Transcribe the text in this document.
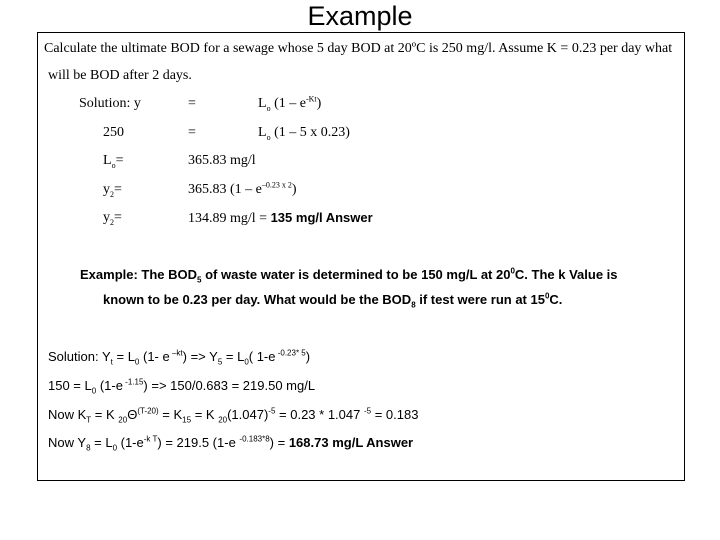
Example
Calculate the ultimate BOD for a sewage whose 5 day BOD at 20ºC is 250 mg/l. Assume K = 0.23 per day what
will be BOD after 2 days.
Solution: y	=	$L_o$ $(1 - e^{-Kt})$
250	=	$L_o$ (1 – 5 x 0.23)
$L_o=$	365.83 mg/l
$y_2=$	365.83 $(1 - e^{-0.23 x 2})$
$y_2=$	134.89 mg/l = 135 mg/l Answer
Example: The $BOD_5$ of waste water is determined to be 150 mg/L at $20^0C$. The k Value is
known to be 0.23 per day. What would be the $BOD_8$ if test were run at $15^0C$.
Solution: $Y_t = L_0$ (1- e $^{-kt}) => Y_5 = L_0$( 1-e $^{-0.23* 5}$)
$150 = L_0$ (1-e $^{-1.15}$) => 150/0.683 = 219.50 mg/L
Now $K_T = K$ $_{20}\Theta^{(T-20)} = K_{15} = K$ $_{20}(1.047)^{-5} = 0.23 * 1.047$ $^{-5}$ = 0.183
Now $Y_8 = L_0$ $(1-e^{-k T}) = 219.5$ (1-e $^{-0.183*8}$) = 168.73 mg/L Answer
